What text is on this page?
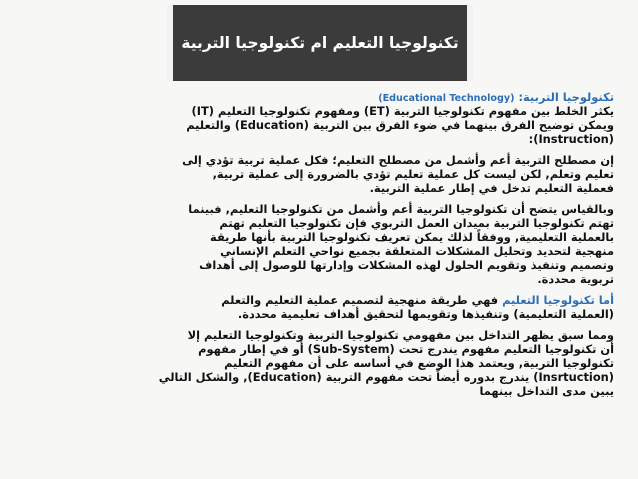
تكنولوجيا التعليم ام تكنولوجيا التربية
تكنولوجيا التربية: (Educational Technology)
يكثر الخلط بين مفهوم تكنولوجيا التربية (ET) ومفهوم تكنولوجيا التعليم (IT)
ويمكن توضيح الفرق بينهما في ضوء الفرق بين التربية (Education) والتعليم
(Instruction):
إن مصطلح التربية أعم وأشمل من مصطلح التعليم؛ فكل عملية تربية تؤدي إلى
تعليم وتعلم, لكن ليست كل عملية تعليم تؤدي بالضرورة إلى عملية تربية,
فعملية التعليم تدخل في إطار عملية التربية.
وبالقياس يتضح أن تكنولوجيا التربية أعم وأشمل من تكنولوجيا التعليم, فبينما
تهتم تكنولوجيا التربية بميدان العمل التربوي فإن تكنولوجيا التعليم تهتم
بالعملية التعليمية, ووفقاً لذلك يمكن تعريف تكنولوجيا التربية بأنها طريقة
منهجية لتحديد وتحليل المشكلات المتعلقة بجميع نواحي التعلم الإنساني
وتصميم وتنفيذ وتقويم الحلول لهذه المشكلات وإدارتها للوصول إلى أهداف
تربوية محددة.
أما تكنولوجيا التعليم فهي طريقة منهجية لتصميم عملية التعليم والتعلم
(العملية التعليمية) وتنفيذها وتقويمها لتحقيق أهداف تعليمية محددة.
ومما سبق يظهر التداخل بين مفهومي تكنولوجيا التربية وتكنولوجيا التعليم إلا
أن تكنولوجيا التعليم مفهوم يندرج تحت (Sub-System) أو في إطار مفهوم
تكنولوجيا التربية, ويعتمد هذا الوضع في أساسه على أن مفهوم التعليم
(Insrtuction) يندرج بدوره أيضاً تحت مفهوم التربية (Education), والشكل التالي
يبين مدى التداخل بينهما
